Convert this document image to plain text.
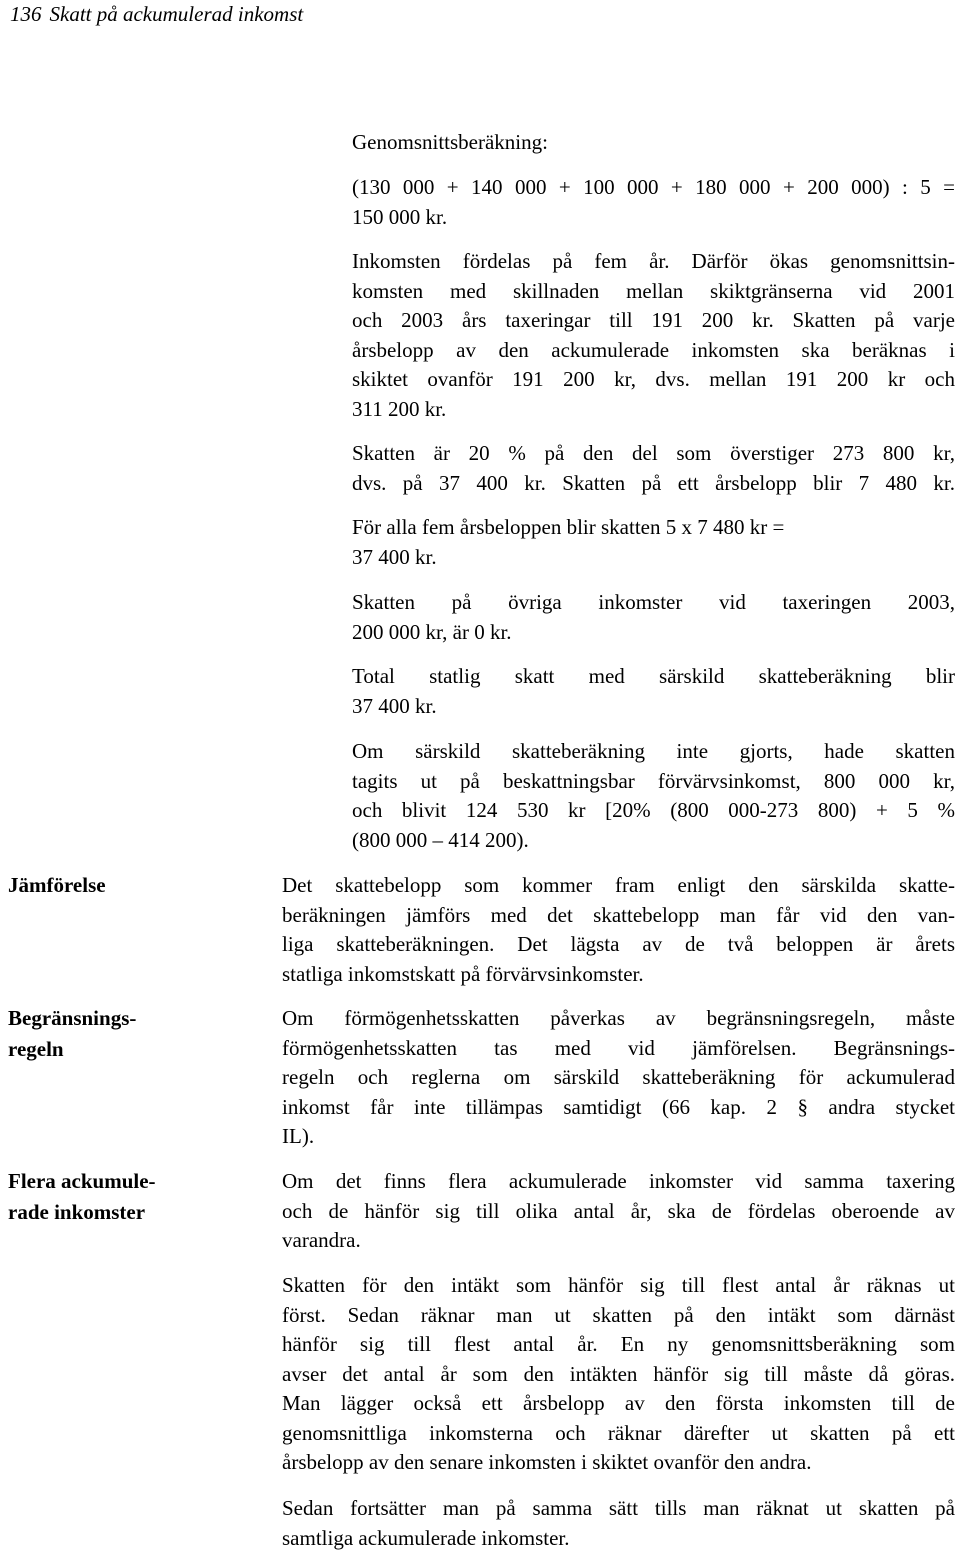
136 Skatt på ackumulerad inkomst
Genomsnittsberäkning:
(130 000 + 140 000 + 100 000 + 180 000 + 200 000) : 5 =
150 000 kr.
Inkomsten fördelas på fem år. Därför ökas genomsnittsin-
komsten med skillnaden mellan skiktgränserna vid 2001
och 2003 års taxeringar till 191 200 kr. Skatten på varje
årsbelopp av den ackumulerade inkomsten ska beräknas i
skiktet ovanför 191 200 kr, dvs. mellan 191 200 kr och
311 200 kr.
Skatten är 20 % på den del som överstiger 273 800 kr,
dvs. på 37 400 kr. Skatten på ett årsbelopp blir 7 480 kr.
För alla fem årsbeloppen blir skatten 5 x 7 480 kr =
37 400 kr.
Skatten på övriga inkomster vid taxeringen 2003,
200 000 kr, är 0 kr.
Total statlig skatt med särskild skatteberäkning blir
37 400 kr.
Om särskild skatteberäkning inte gjorts, hade skatten
tagits ut på beskattningsbar förvärvsinkomst, 800 000 kr,
och blivit 124 530 kr [20% (800 000-273 800) + 5 %
(800 000 – 414 200).
Jämförelse
Begränsnings-
regeln
Flera ackumule-
rade inkomster
Det skattebelopp som kommer fram enligt den särskilda skatte-
beräkningen jämförs med det skattebelopp man får vid den van-
liga skatteberäkningen. Det lägsta av de två beloppen är årets
statliga inkomstskatt på förvärvsinkomster.
Om förmögenhetsskatten påverkas av begränsningsregeln, måste
förmögenhetsskatten tas med vid jämförelsen. Begränsnings-
regeln och reglerna om särskild skatteberäkning för ackumulerad
inkomst får inte tillämpas samtidigt (66 kap. 2 § andra stycket
IL).
Om det finns flera ackumulerade inkomster vid samma taxering
och de hänför sig till olika antal år, ska de fördelas oberoende av
varandra.
Skatten för den intäkt som hänför sig till flest antal år räknas ut
först. Sedan räknar man ut skatten på den intäkt som därnäst
hänför sig till flest antal år. En ny genomsnittsberäkning som
avser det antal år som den intäkten hänför sig till måste då göras.
Man lägger också ett årsbelopp av den första inkomsten till de
genomsnittliga inkomsterna och räknar därefter ut skatten på ett
årsbelopp av den senare inkomsten i skiktet ovanför den andra.
Sedan fortsätter man på samma sätt tills man räknat ut skatten på
samtliga ackumulerade inkomster.
